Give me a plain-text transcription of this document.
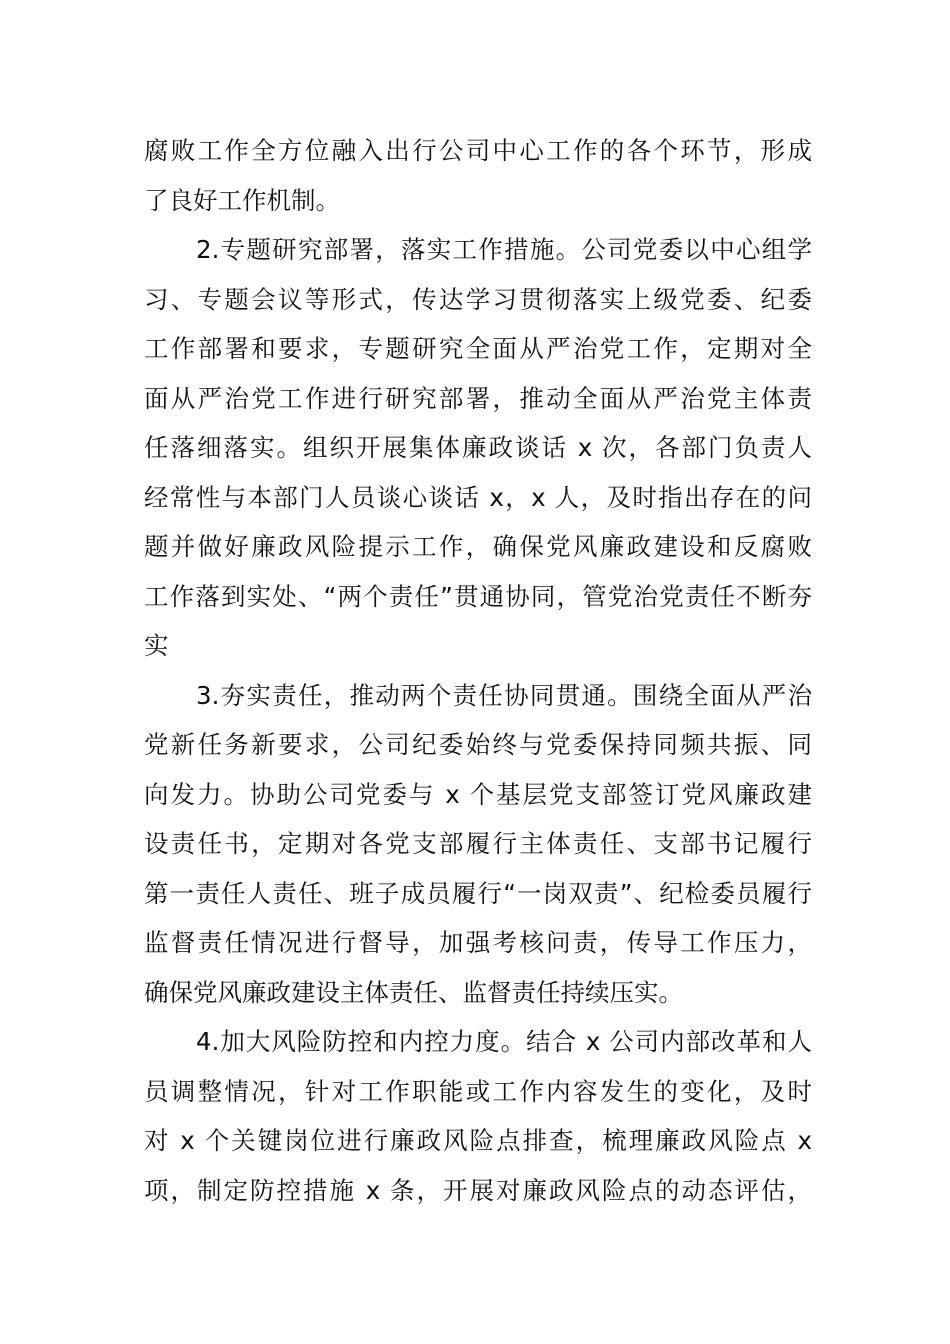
腐败工作全方位融入出行公司中心工作的各个环节，形成
了良好工作机制。
2.专题研究部署，落实工作措施。公司党委以中心组学
习、专题会议等形式，传达学习贯彻落实上级党委、纪委
工作部署和要求，专题研究全面从严治党工作，定期对全
面从严治党工作进行研究部署，推动全面从严治党主体责
任落细落实。组织开展集体廉政谈话 x 次，各部门负责人
经常性与本部门人员谈心谈话 x，x 人，及时指出存在的问
题并做好廉政风险提示工作，确保党风廉政建设和反腐败
工作落到实处、“两个责任”贯通协同，管党治党责任不断夯
实
3.夯实责任，推动两个责任协同贯通。围绕全面从严治
党新任务新要求，公司纪委始终与党委保持同频共振、同
向发力。协助公司党委与 x 个基层党支部签订党风廉政建
设责任书，定期对各党支部履行主体责任、支部书记履行
第一责任人责任、班子成员履行“一岗双责”、纪检委员履行
监督责任情况进行督导，加强考核问责，传导工作压力，
确保党风廉政建设主体责任、监督责任持续压实。
4.加大风险防控和内控力度。结合 x 公司内部改革和人
员调整情况，针对工作职能或工作内容发生的变化，及时
对 x 个关键岗位进行廉政风险点排查，梳理廉政风险点 x
项，制定防控措施 x 条，开展对廉政风险点的动态评估，
